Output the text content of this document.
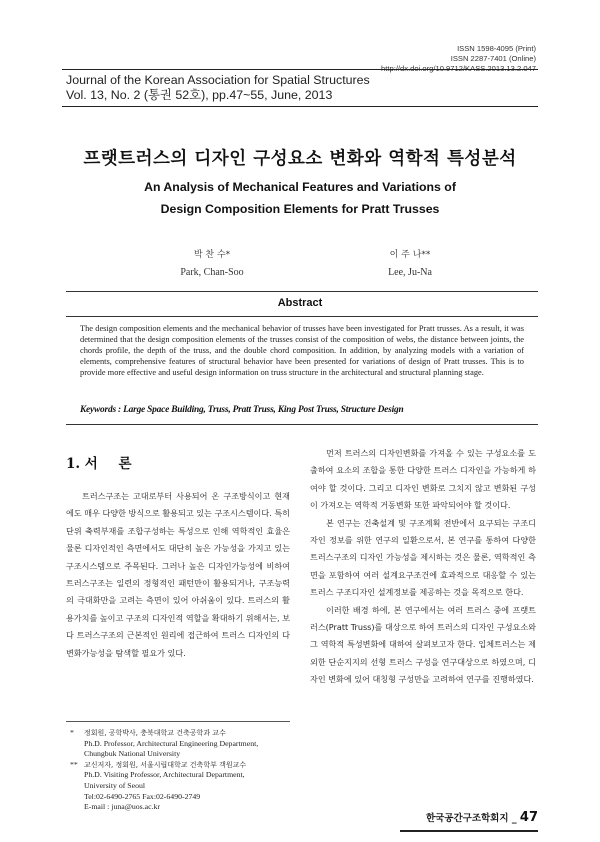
ISSN 1598-4095 (Print)
ISSN 2287-7401 (Online)
http://dx.doi.org/10.9712/KASS.2013.13.2.047
Journal of the Korean Association for Spatial Structures
Vol. 13, No. 2 (통권 52호), pp.47~55, June, 2013
프랫트러스의 디자인 구성요소 변화와 역학적 특성분석
An Analysis of Mechanical Features and Variations of
Design Composition Elements for Pratt Trusses
박 찬 수*
Park, Chan-Soo
이 주 나**
Lee, Ju-Na
Abstract
The design composition elements and the mechanical behavior of trusses have been investigated for Pratt trusses. As a result, it was determined that the design composition elements of the trusses consist of the composition of webs, the distance between joints, the chords profile, the depth of the truss, and the double chord composition. In addition, by analyzing models with a variation of elements, comprehensive features of structural behavior have been presented for variations of design of Pratt trusses. This is to provide more effective and useful design information on truss structure in the architectural and structural planning stage.
Keywords : Large Space Building, Truss, Pratt Truss, King Post Truss, Structure Design
1. 서 론

트러스구조는 고대로부터 사용되어 온 구조방식이고 현재에도 매우 다양한 방식으로 활용되고 있는 구조시스템이다. 특히 단위 축력부재를 조합구성하는 특성으로 인해 역학적인 효율은 물론 디자인적인 측면에서도 대단히 높은 가능성을 가지고 있는 구조시스템으로 주목된다. 그러나 높은 디자인가능성에 비하여 트러스구조는 일련의 정형적인 패턴만이 활용되거나, 구조능력의 극대화만을 고려는 측면이 있어 아쉬움이 있다. 트러스의 활용가치를 높이고 구조의 디자인적 역할을 확대하기 위해서는, 보다 트러스구조의 근본적인 원리에 접근하여 트러스 디자인의 다변화가능성을 탐색할 필요가 있다.

먼저 트러스의 디자인변화를 가져올 수 있는 구성요소를 도출하여 요소의 조합을 통한 다양한 트러스 디자인을 가능하게 하여야 할 것이다. 그리고 디자인 변화로 그치지 않고 변화된 구성이 가져오는 역학적 거동변화 또한 파악되어야 할 것이다.

본 연구는 건축설계 및 구조계획 전반에서 요구되는 구조디자인 정보를 위한 연구의 일환으로서, 본 연구를 통하여 다양한 트러스구조의 디자인 가능성을 제시하는 것은 물론, 역학적인 측면을 포함하여 여러 설계요구조건에 효과적으로 대응할 수 있는 트러스 구조디자인 설계정보를 제공하는 것을 목적으로 한다.

이러한 배경 하에, 본 연구에서는 여러 트러스 중에 프랫트러스(Pratt Truss)를 대상으로 하여 트러스의 디자인 구성요소와 그 역학적 특성변화에 대하여 살펴보고자 한다. 입체트러스는 제외한 단순지지의 선형 트러스 구성을 연구대상으로 하였으며, 디자인 변화에 있어 대칭형 구성만을 고려하여 연구를 진행하였다.

* 정회원, 공학박사, 충북대학교 건축공학과 교수
Ph.D. Professor, Architectural Engineering Department,
Chungbuk National University
** 교신저자, 정회원, 서울시립대학교 건축학부 객원교수
Ph.D. Visiting Professor, Architectural Department,
University of Seoul
Tel:02-6490-2765 Fax:02-6490-2749
E-mail : juna@uos.ac.kr
한국공간구조학회지 _ 47
